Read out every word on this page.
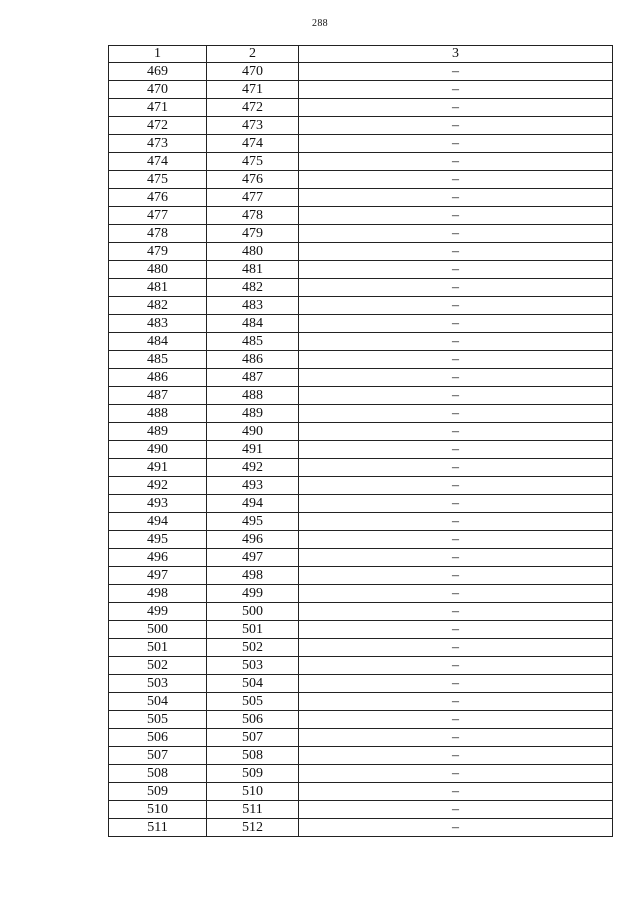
288
1	2	3
469	470	–
470	471	–
471	472	–
472	473	–
473	474	–
474	475	–
475	476	–
476	477	–
477	478	–
478	479	–
479	480	–
480	481	–
481	482	–
482	483	–
483	484	–
484	485	–
485	486	–
486	487	–
487	488	–
488	489	–
489	490	–
490	491	–
491	492	–
492	493	–
493	494	–
494	495	–
495	496	–
496	497	–
497	498	–
498	499	–
499	500	–
500	501	–
501	502	–
502	503	–
503	504	–
504	505	–
505	506	–
506	507	–
507	508	–
508	509	–
509	510	–
510	511	–
511	512	–
